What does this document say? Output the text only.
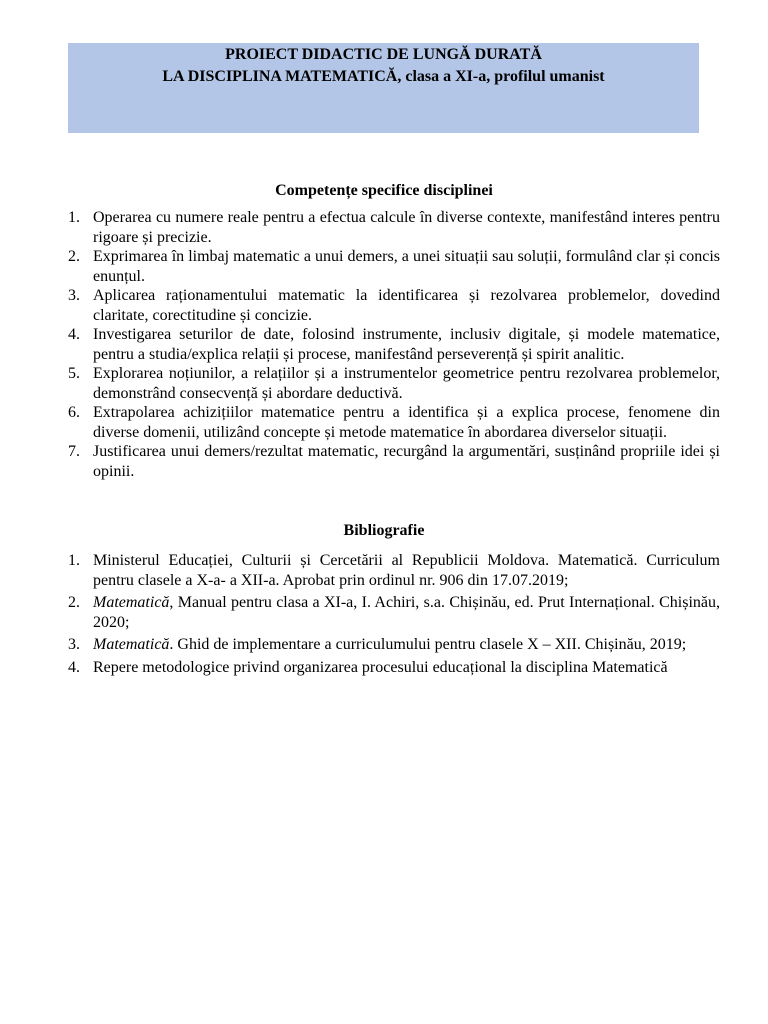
PROIECT DIDACTIC DE LUNGĂ DURATĂ
LA DISCIPLINA MATEMATICĂ, clasa a XI-a, profilul umanist
Competențe specifice disciplinei
1. Operarea cu numere reale pentru a efectua calcule în diverse contexte, manifestând interes pentru rigoare și precizie.
2. Exprimarea în limbaj matematic a unui demers, a unei situații sau soluții, formulând clar și concis enunțul.
3. Aplicarea raționamentului matematic la identificarea și rezolvarea problemelor, dovedind claritate, corectitudine și concizie.
4. Investigarea seturilor de date, folosind instrumente, inclusiv digitale, și modele matematice, pentru a studia/explica relații și procese, manifestând perseverență și spirit analitic.
5. Explorarea noțiunilor, a relațiilor și a instrumentelor geometrice pentru rezolvarea problemelor, demonstrând consecvență și abordare deductivă.
6. Extrapolarea achizițiilor matematice pentru a identifica și a explica procese, fenomene din diverse domenii, utilizând concepte și metode matematice în abordarea diverselor situații.
7. Justificarea unui demers/rezultat matematic, recurgând la argumentări, susținând propriile idei și opinii.
Bibliografie
1. Ministerul Educației, Culturii și Cercetării al Republicii Moldova. Matematică. Curriculum pentru clasele a X-a- a XII-a. Aprobat prin ordinul nr. 906 din 17.07.2019;
2. Matematică, Manual pentru clasa a XI-a, I. Achiri, s.a. Chișinău, ed. Prut Internațional. Chișinău, 2020;
3. Matematică. Ghid de implementare a curriculumului pentru clasele X – XII. Chișinău, 2019;
4. Repere metodologice privind organizarea procesului educațional la disciplina Matematică
